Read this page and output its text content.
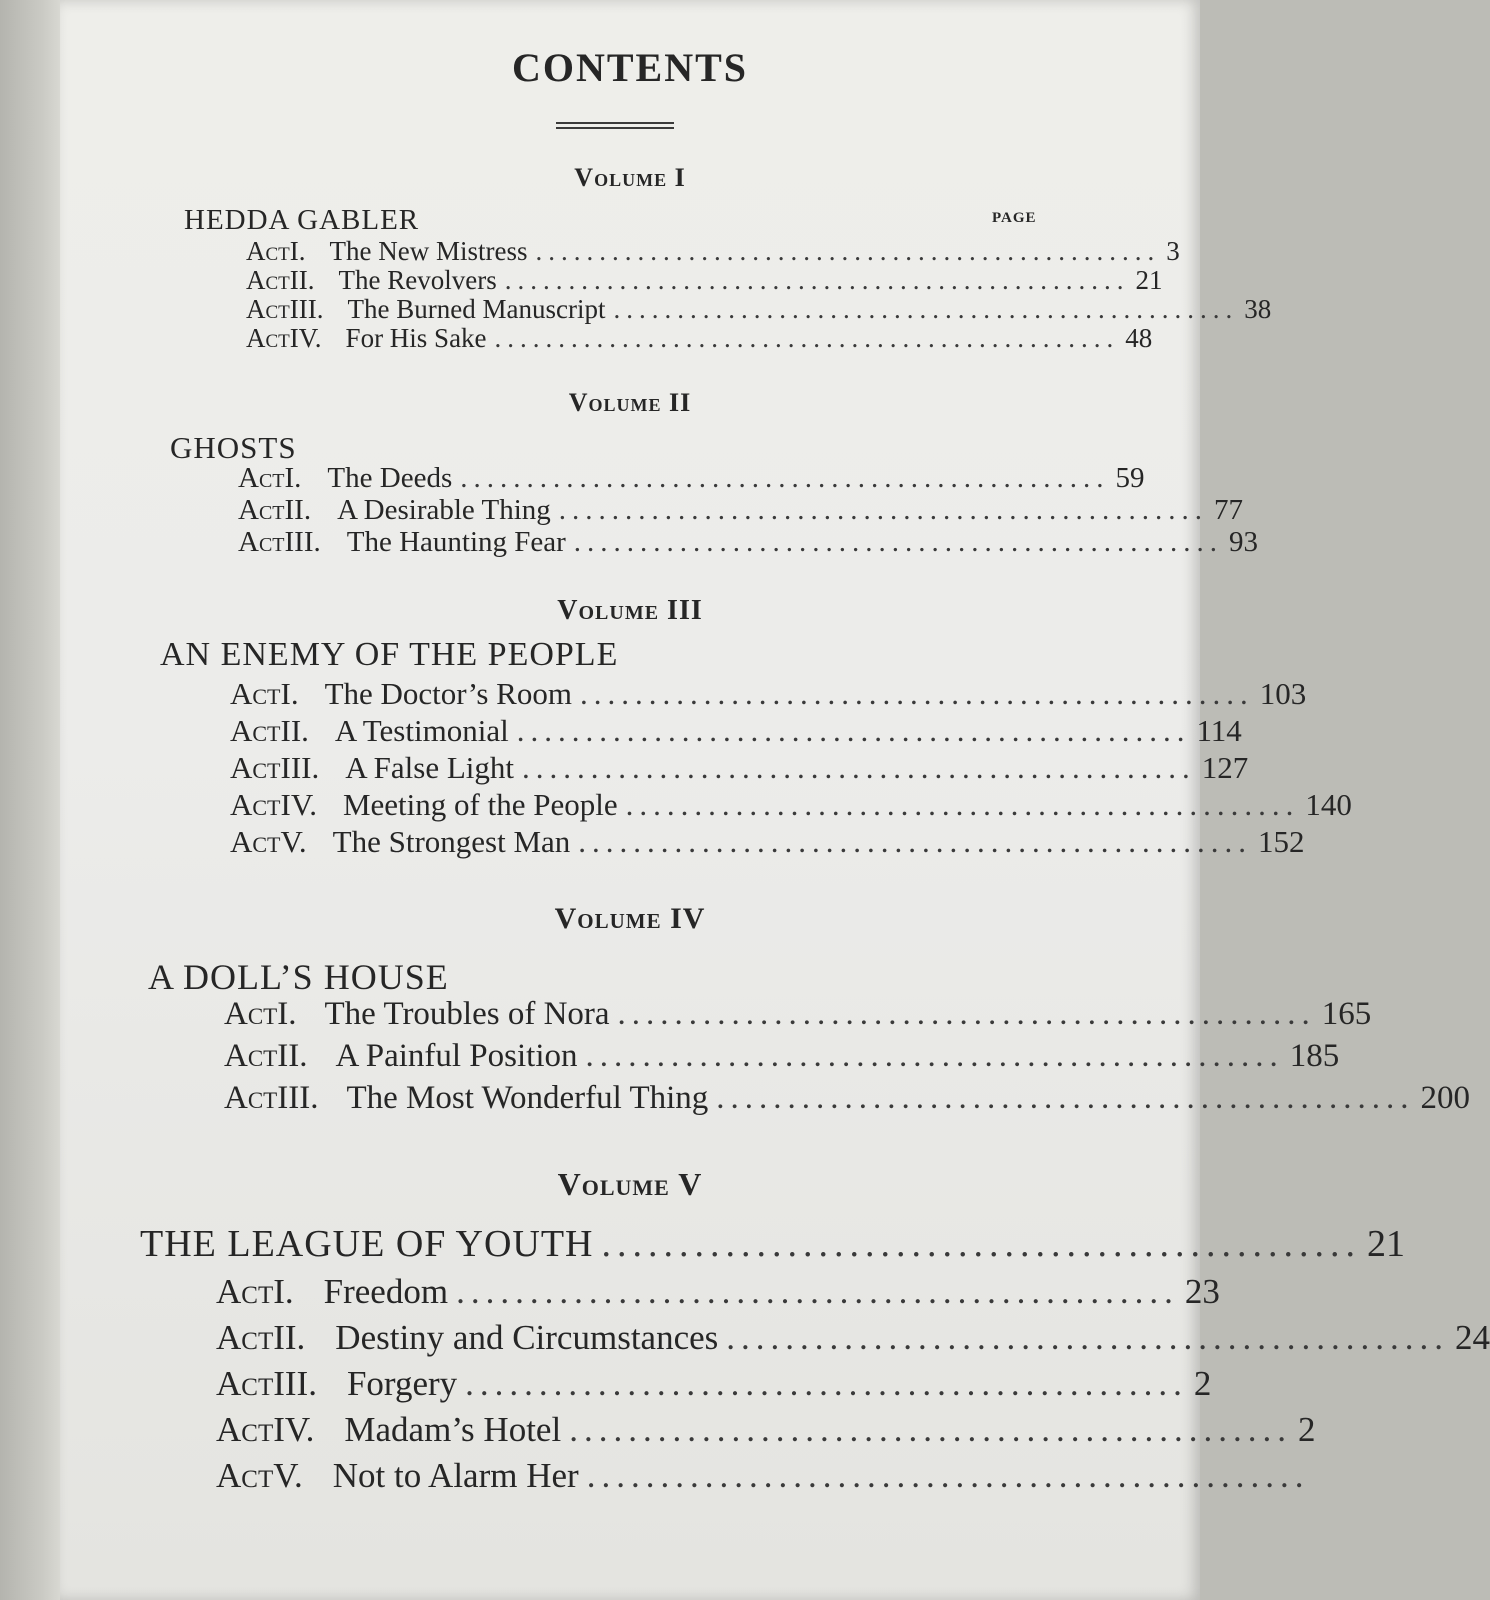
CONTENTS
Volume I
HEDDA GABLER	PAGE
Act I. The New Mistress ................................................. 3
Act II. The Revolvers ................................................. 21
Act III. The Burned Manuscript ................................................. 38
Act IV. For His Sake ................................................. 48
Volume II
GHOSTS
Act I. The Deeds ................................................. 59
Act II. A Desirable Thing ................................................. 77
Act III. The Haunting Fear ................................................. 93
Volume III
AN ENEMY OF THE PEOPLE
Act I. The Doctor’s Room ................................................. 103
Act II. A Testimonial ................................................. 114
Act III. A False Light ................................................. 127
Act IV. Meeting of the People ................................................. 140
Act V. The Strongest Man ................................................. 152
Volume IV
A DOLL’S HOUSE
Act I. The Troubles of Nora ................................................. 165
Act II. A Painful Position ................................................. 185
Act III. The Most Wonderful Thing ................................................. 200
Volume V
THE LEAGUE OF YOUTH ................................................. 21
Act I. Freedom ................................................. 23
Act II. Destiny and Circumstances ................................................. 24
Act III. Forgery ................................................. 2
Act IV. Madam’s Hotel ................................................. 2
Act V. Not to Alarm Her .................................................
